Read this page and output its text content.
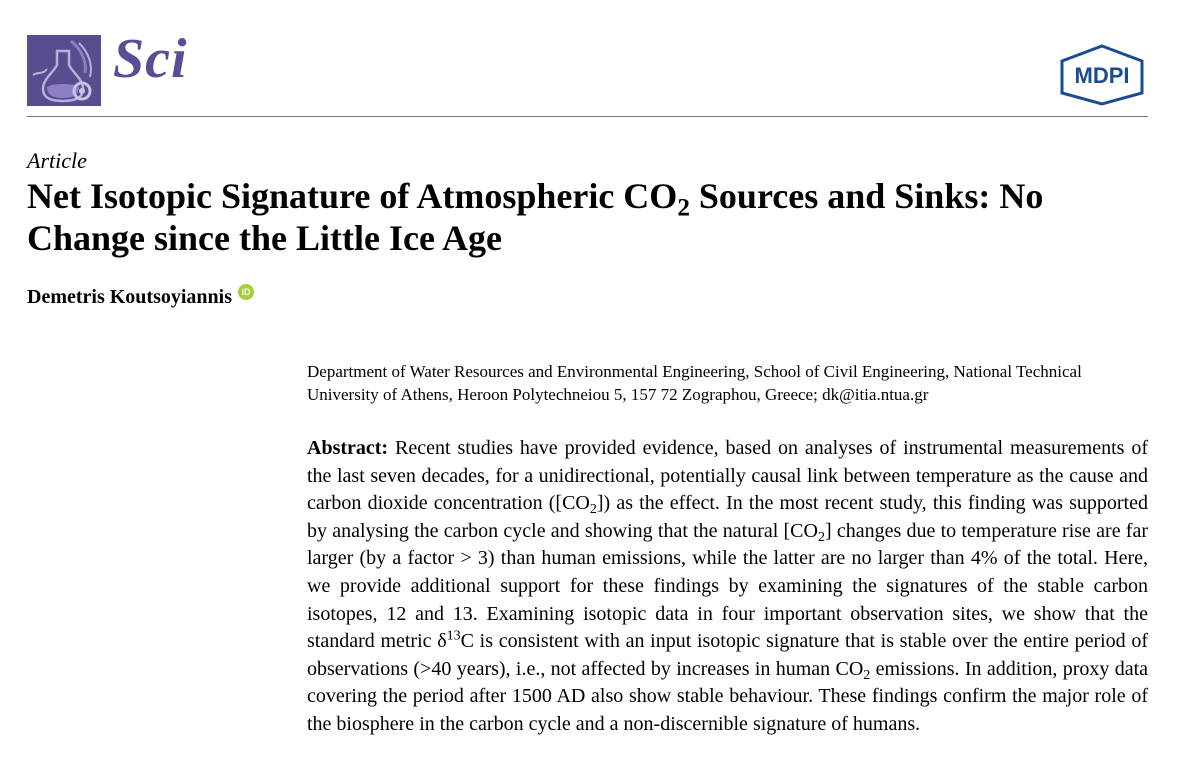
Sci	MDPI
Article
Net Isotopic Signature of Atmospheric $CO_2$ Sources and Sinks: No Change since the Little Ice Age
Demetris Koutsoyiannis	iD
Department of Water Resources and Environmental Engineering, School of Civil Engineering, National Technical University of Athens, Heroon Polytechneiou 5, 157 72 Zographou, Greece; dk@itia.ntua.gr
Abstract: Recent studies have provided evidence, based on analyses of instrumental measurements of the last seven decades, for a unidirectional, potentially causal link between temperature as the cause and carbon dioxide concentration $([CO_2])$ as the effect. In the most recent study, this finding was supported by analysing the carbon cycle and showing that the natural $[CO_2]$ changes due to temperature rise are far larger (by a factor > 3) than human emissions, while the latter are no larger than 4% of the total. Here, we provide additional support for these findings by examining the signatures of the stable carbon isotopes, 12 and 13. Examining isotopic data in four important observation sites, we show that the standard metric $\delta^{13}C$ is consistent with an input isotopic signature that is stable over the entire period of observations (>40 years), i.e., not affected by increases in human $CO_2$ emissions. In addition, proxy data covering the period after 1500 AD also show stable behaviour. These findings confirm the major role of the biosphere in the carbon cycle and a non-discernible signature of humans.
